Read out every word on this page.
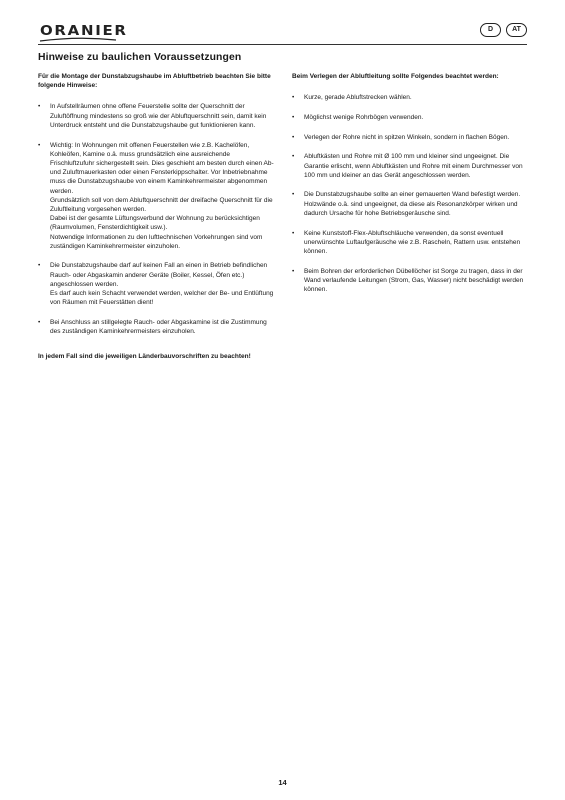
ORANIER	D	AT
Hinweise zu baulichen Voraussetzungen

Für die Montage der Dunstabzugshaube im Abluftbetrieb beachten Sie bitte folgende Hinweise:

• In Aufstellräumen ohne offene Feuerstelle sollte der Querschnitt der Zuluftöffnung mindestens so groß wie der Abluftquerschnitt sein, damit kein Unterdruck entsteht und die Dunstabzugshaube gut funktionieren kann.
• Wichtig: In Wohnungen mit offenen Feuerstellen wie z.B. Kachelöfen, Kohleöfen, Kamine o.ä. muss grundsätzlich eine ausreichende Frischluftzufuhr sichergestellt sein. Dies geschieht am besten durch einen Ab- und Zuluftmauerkasten oder einen Fensterkippschalter. Vor Inbetriebnahme muss die Dunstabzugshaube von einem Kaminkehrermeister abgenommen werden.
Grundsätzlich soll von dem Abluftquerschnitt der dreifache Querschnitt für die Zuluftleitung vorgesehen werden.
Dabei ist der gesamte Lüftungsverbund der Wohnung zu berücksichtigen (Raumvolumen, Fensterdichtigkeit usw.).
Notwendige Informationen zu den lufttechnischen Vorkehrungen sind vom zuständigen Kaminkehrermeister einzuholen.
• Die Dunstabzugshaube darf auf keinen Fall an einen in Betrieb befindlichen Rauch- oder Abgaskamin anderer Geräte (Boiler, Kessel, Öfen etc.) angeschlossen werden.
Es darf auch kein Schacht verwendet werden, welcher der Be- und Entlüftung von Räumen mit Feuerstätten dient!
• Bei Anschluss an stillgelegte Rauch- oder Abgaskamine ist die Zustimmung des zuständigen Kaminkehrermeisters einzuholen.

In jedem Fall sind die jeweiligen Länderbauvorschriften zu beachten!

Beim Verlegen der Abluftleitung sollte Folgendes beachtet werden:

• Kurze, gerade Abluftstrecken wählen.
• Möglichst wenige Rohrbögen verwenden.
• Verlegen der Rohre nicht in spitzen Winkeln, sondern in flachen Bögen.
• Abluftkästen und Rohre mit Ø 100 mm und kleiner sind ungeeignet. Die Garantie erlischt, wenn Abluftkästen und Rohre mit einem Durchmesser von 100 mm und kleiner an das Gerät angeschlossen werden.
• Die Dunstabzugshaube sollte an einer gemauerten Wand befestigt werden.
Holzwände o.ä. sind ungeeignet, da diese als Resonanzkörper wirken und dadurch Ursache für hohe Betriebsgeräusche sind.
• Keine Kunststoff-Flex-Abluftschläuche verwenden, da sonst eventuell unerwünschte Luftaufgeräusche wie z.B. Rascheln, Rattern usw. entstehen können.
• Beim Bohren der erforderlichen Dübellöcher ist Sorge zu tragen, dass in der Wand verlaufende Leitungen (Strom, Gas, Wasser) nicht beschädigt werden können.
14
